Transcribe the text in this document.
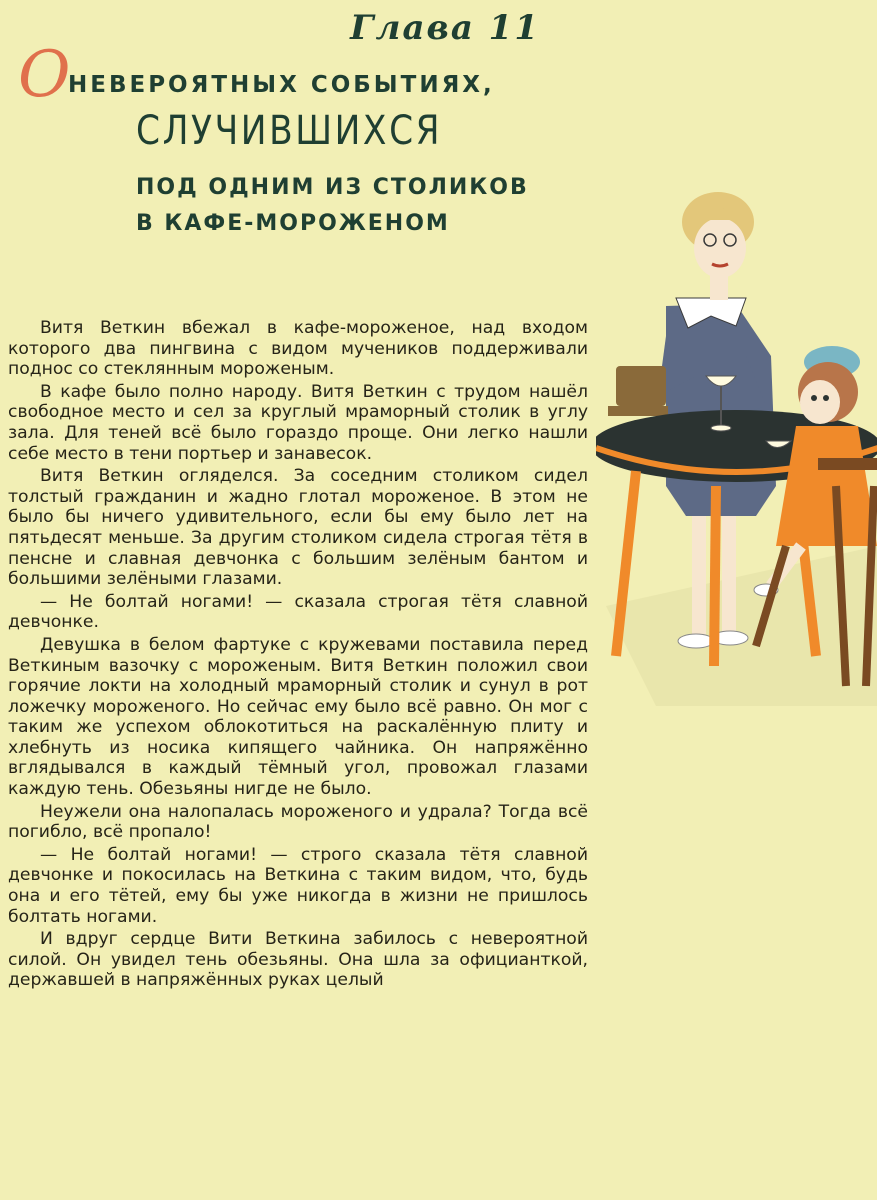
Глава 11
О
НЕВЕРОЯТНЫХ СОБЫТИЯХ,
СЛУЧИВШИХСЯ
ПОД ОДНИМ ИЗ СТОЛИКОВ
В КАФЕ-МОРОЖЕНОМ

Витя Веткин вбежал в кафе-мороженое, над входом которого два пингвина с видом мучеников поддерживали поднос со стеклянным мороженым.

В кафе было полно народу. Витя Веткин с трудом нашёл свободное место и сел за круглый мраморный столик в углу зала. Для теней всё было гораздо проще. Они легко нашли себе место в тени портьер и занавесок.

Витя Веткин огляделся. За соседним столиком сидел толстый гражданин и жадно глотал мороженое. В этом не было бы ничего удивительного, если бы ему было лет на пятьдесят меньше. За другим столиком сидела строгая тётя в пенсне и славная девчонка с большим зелёным бантом и большими зелёными глазами.

— Не болтай ногами! — сказала строгая тётя славной девчонке.

Девушка в белом фартуке с кружевами поставила перед Веткиным вазочку с мороженым. Витя Веткин положил свои горячие локти на холодный мраморный столик и сунул в рот ложечку мороженого. Но сейчас ему было всё равно. Он мог с таким же успехом облокотиться на раскалённую плиту и хлебнуть из носика кипящего чайника. Он напряжённо вглядывался в каждый тёмный угол, провожал глазами каждую тень. Обезьяны нигде не было.

Неужели она налопалась мороженого и удрала? Тогда всё погибло, всё пропало!

— Не болтай ногами! — строго сказала тётя славной девчонке и покосилась на Веткина с таким видом, что, будь она и его тётей, ему бы уже никогда в жизни не пришлось болтать ногами.

И вдруг сердце Вити Веткина забилось с невероятной силой. Он увидел тень обезьяны. Она шла за официанткой, державшей в напряжённых руках целый
